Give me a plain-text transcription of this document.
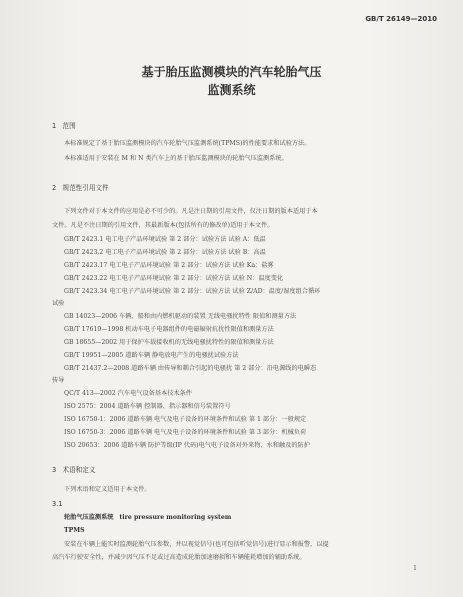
GB/T 26149—2010
基于胎压监测模块的汽车轮胎气压
监测系统
1 范围
本标准规定了基于胎压监测模块的汽车轮胎气压监测系统(TPMS)的性能要求和试验方法。
本标准适用于安装在 M 和 N 类汽车上的基于胎压监测模块的轮胎气压监测系统。
2 规范性引用文件
下列文件对于本文件的应用是必不可少的。凡是注日期的引用文件，仅注日期的版本适用于本
文件。凡是不注日期的引用文件，其最新版本(包括所有的修改单)适用于本文件。
GB/T 2423.1 电工电子产品环境试验 第 2 部分：试验方法 试验 A：低温
GB/T 2423.2 电工电子产品环境试验 第 2 部分：试验方法 试验 B：高温
GB/T 2423.17 电工电子产品环境试验 第 2 部分：试验方法 试验 Ka：盐雾
GB/T 2423.22 电工电子产品环境试验 第 2 部分：试验方法 试验 N：温度变化
GB/T 2423.34 电工电子产品环境试验 第 2 部分：试验方法 试验 Z/AD：温度/湿度组合循环
试验
GB 14023—2006 车辆、船和由内燃机驱动的装置 无线电骚扰特性 限值和测量方法
GB/T 17619—1998 机动车电子电器组件的电磁辐射抗扰性限值和测量方法
GB 18655—2002 用于保护车载接收机的无线电骚扰特性的限值和测量方法
GB/T 19951—2005 道路车辆 静电放电产生的电骚扰试验方法
GB/T 21437.2—2008 道路车辆 由传导和耦合引起的电骚扰 第 2 部分：沿电源线的电瞬态
传导
QC/T 413—2002 汽车电气设备基本技术条件
ISO 2575：2004 道路车辆 控制器、指示器和信号装置符号
ISO 16750-1：2006 道路车辆 电气及电子设备的环境条件和试验 第 1 部分：一般规定
ISO 16750-3：2006 道路车辆 电气及电子设备的环境条件和试验 第 3 部分：机械负荷
ISO 20653：2006 道路车辆 防护等级(IP 代码)电气电子设备对外来物、水和触及的防护
3 术语和定义
下列术语和定义适用于本文件。
3.1
轮胎气压监测系统 tire pressure monitoring system
TPMS
安装在车辆上能实时监测轮胎气压参数，并以视觉信号(也可包括听觉信号)进行显示和报警，以提
高汽车行驶安全性，并减少因气压不足或过高造成轮胎加速磨损和车辆能耗增加的辅助系统。
1
